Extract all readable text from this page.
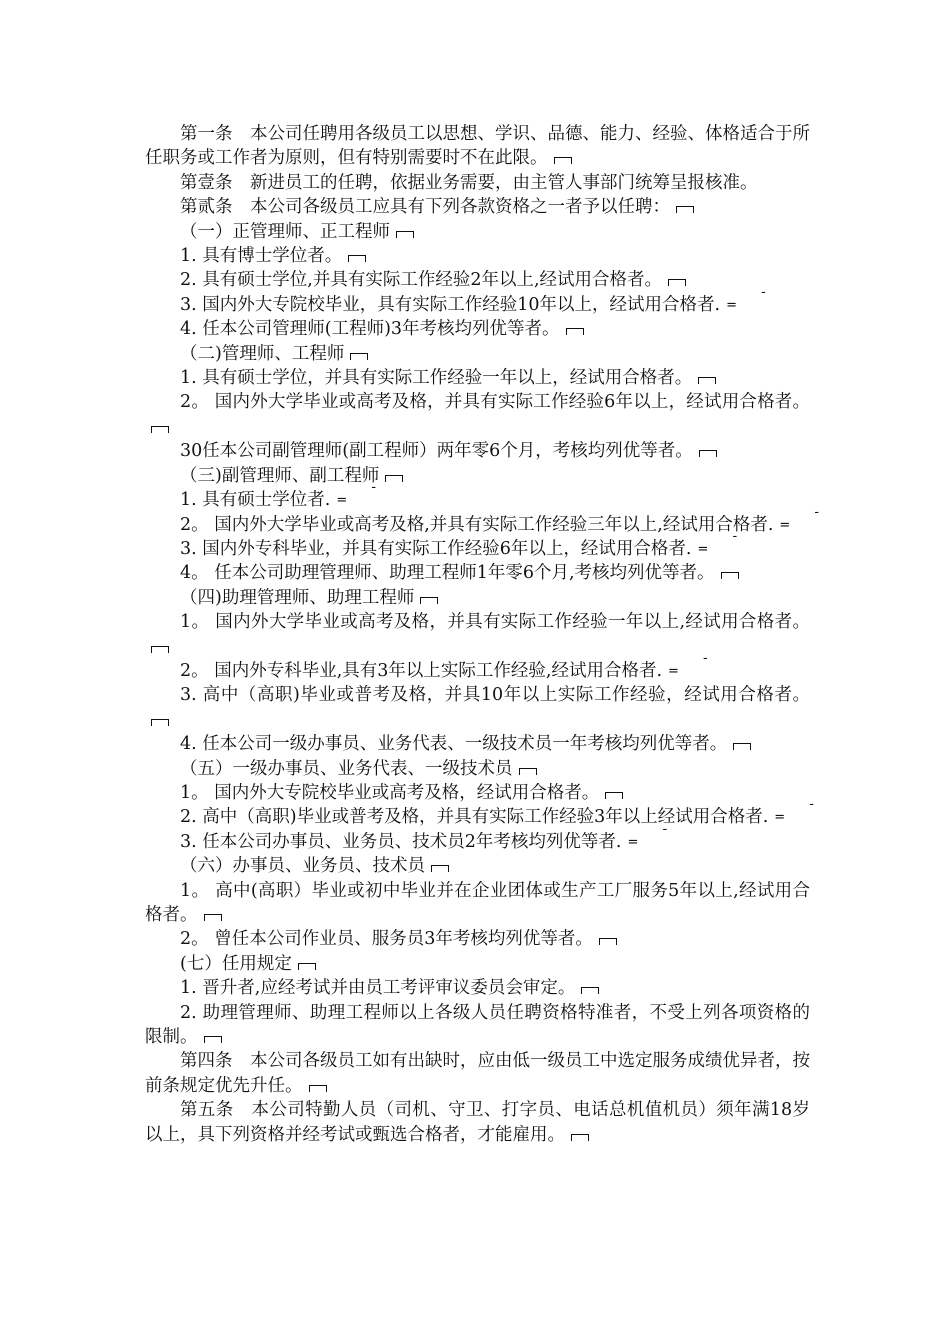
第一条　本公司任聘用各级员工以思想、学识、品德、能力、经验、体格适合于所任职务或工作者为原则，但有特别需要时不在此限。

第壹条　新进员工的任聘，依据业务需要，由主管人事部门统筹呈报核准。

第贰条　本公司各级员工应具有下列各款资格之一者予以任聘：

（一）正管理师、正工程师

1. 具有博士学位者。

2. 具有硕士学位,并具有实际工作经验2年以上,经试用合格者。

3. 国内外大专院校毕业，具有实际工作经验10年以上，经试用合格者.-=

4. 任本公司管理师(工程师)3年考核均列优等者。

（二)管理师、工程师

1. 具有硕士学位，并具有实际工作经验一年以上，经试用合格者。

2。 国内外大学毕业或高考及格，并具有实际工作经验6年以上，经试用合格者。

30任本公司副管理师(副工程师）两年零6个月，考核均列优等者。

（三)副管理师、副工程师

1. 具有硕士学位者.-=

2。 国内外大学毕业或高考及格,并具有实际工作经验三年以上,经试用合格者.-=

3. 国内外专科毕业，并具有实际工作经验6年以上，经试用合格者.-=

4。 任本公司助理管理师、助理工程师1年零6个月,考核均列优等者。

（四)助理管理师、助理工程师

1。 国内外大学毕业或高考及格，并具有实际工作经验一年以上,经试用合格者。

2。 国内外专科毕业,具有3年以上实际工作经验,经试用合格者.-=

3. 高中（高职)毕业或普考及格，并具10年以上实际工作经验，经试用合格者。

4. 任本公司一级办事员、业务代表、一级技术员一年考核均列优等者。

（五）一级办事员、业务代表、一级技术员

1。 国内外大专院校毕业或高考及格，经试用合格者。

2. 高中（高职)毕业或普考及格，并具有实际工作经验3年以上经试用合格者.-=

3. 任本公司办事员、业务员、技术员2年考核均列优等者.-=

（六）办事员、业务员、技术员

1。 高中(高职）毕业或初中毕业并在企业团体或生产工厂服务5年以上,经试用合格者。

2。 曾任本公司作业员、服务员3年考核均列优等者。

(七）任用规定

1. 晋升者,应经考试并由员工考评审议委员会审定。

2. 助理管理师、助理工程师以上各级人员任聘资格特准者，不受上列各项资格的限制。

第四条　本公司各级员工如有出缺时，应由低一级员工中选定服务成绩优异者，按前条规定优先升任。

第五条　本公司特勤人员（司机、守卫、打字员、电话总机值机员）须年满18岁以上，具下列资格并经考试或甄选合格者，才能雇用。
